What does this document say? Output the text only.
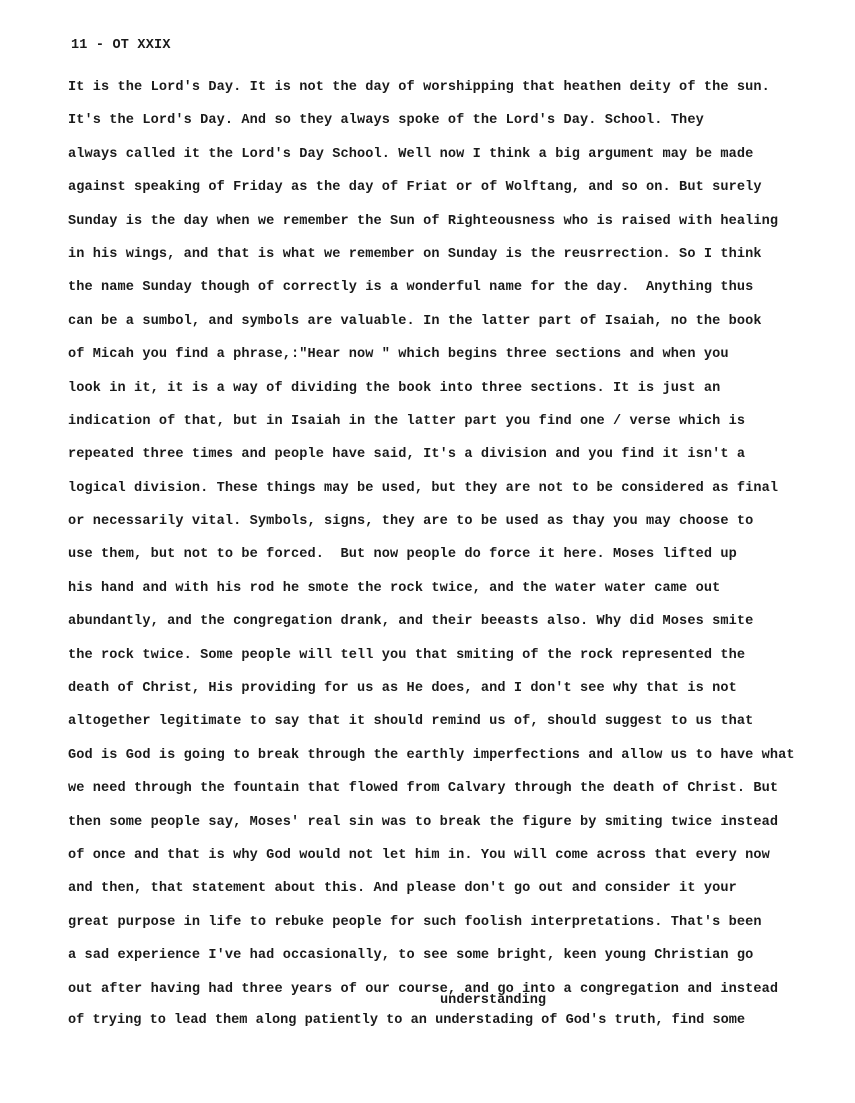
11 - OT XXIX
It is the Lord's Day. It is not the day of worshipping that heathen deity of the sun.
It's the Lord's Day. And so they always spoke of the Lord's Day. School. They
always called it the Lord's Day School. Well now I think a big argument may be made
against speaking of Friday as the day of Friat or of Wolftang, and so on. But surely
Sunday is the day when we remember the Sun of Righteousness who is raised with healing
in his wings, and that is what we remember on Sunday is the reusrrection. So I think
the name Sunday though of correctly is a wonderful name for the day.  Anything thus
can be a sumbol, and symbols are valuable. In the latter part of Isaiah, no the book
of Micah you find a phrase,:"Hear now " which begins three sections and when you
look in it, it is a way of dividing the book into three sections. It is just an
indication of that, but in Isaiah in the latter part you find one / verse which is
repeated three times and people have said, It's a division and you find it isn't a
logical division. These things may be used, but they are not to be considered as final
or necessarily vital. Symbols, signs, they are to be used as thay you may choose to
use them, but not to be forced.  But now people do force it here. Moses lifted up
his hand and with his rod he smote the rock twice, and the water water came out
abundantly, and the congregation drank, and their beeasts also. Why did Moses smite
the rock twice. Some people will tell you that smiting of the rock represented the
death of Christ, His providing for us as He does, and I don't see why that is not
altogether legitimate to say that it should remind us of, should suggest to us that
God is God is going to break through the earthly imperfections and allow us to have what
we need through the fountain that flowed from Calvary through the death of Christ. But
then some people say, Moses' real sin was to break the figure by smiting twice instead
of once and that is why God would not let him in. You will come across that every now
and then, that statement about this. And please don't go out and consider it your
great purpose in life to rebuke people for such foolish interpretations. That's been
a sad experience I've had occasionally, to see some bright, keen young Christian go
out after having had three years of our course, and go into a congregation and instead
understanding
of trying to lead them along patiently to an understading of God's truth, find some
